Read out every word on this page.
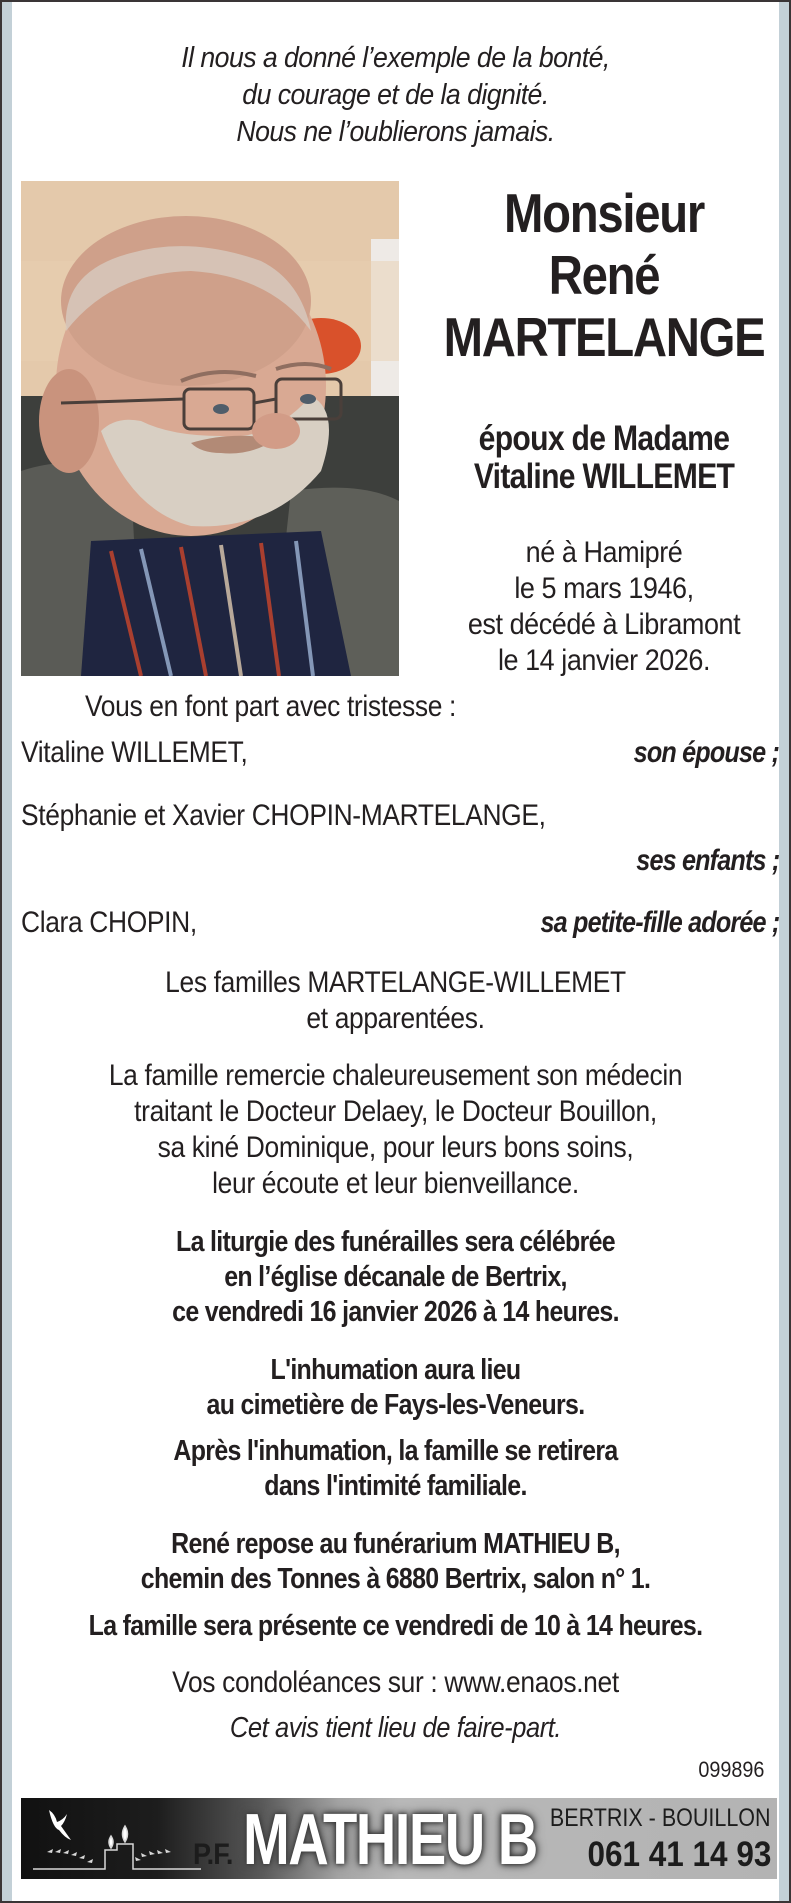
Il nous a donné l’exemple de la bonté,
du courage et de la dignité.
Nous ne l’oublierons jamais.
Monsieur
René
MARTELANGE
époux de Madame
Vitaline WILLEMET
né à Hamipré
le 5 mars 1946,
est décédé à Libramont
le 14 janvier 2026.
Vous en font part avec tristesse :
Vitaline WILLEMET,	son épouse ;
Stéphanie et Xavier CHOPIN-MARTELANGE,
ses enfants ;
Clara CHOPIN,	sa petite-fille adorée ;
Les familles MARTELANGE-WILLEMET
et apparentées.
La famille remercie chaleureusement son médecin
traitant le Docteur Delaey, le Docteur Bouillon,
sa kiné Dominique, pour leurs bons soins,
leur écoute et leur bienveillance.
La liturgie des funérailles sera célébrée
en l’église décanale de Bertrix,
ce vendredi 16 janvier 2026 à 14 heures.
L'inhumation aura lieu
au cimetière de Fays-les-Veneurs.
Après l'inhumation, la famille se retirera
dans l'intimité familiale.
René repose au funérarium MATHIEU B,
chemin des Tonnes à 6880 Bertrix, salon n° 1.
La famille sera présente ce vendredi de 10 à 14 heures.
Vos condoléances sur : www.enaos.net
Cet avis tient lieu de faire-part.
099896
P.F. MATHIEU B BERTRIX - BOUILLON
061 41 14 93
